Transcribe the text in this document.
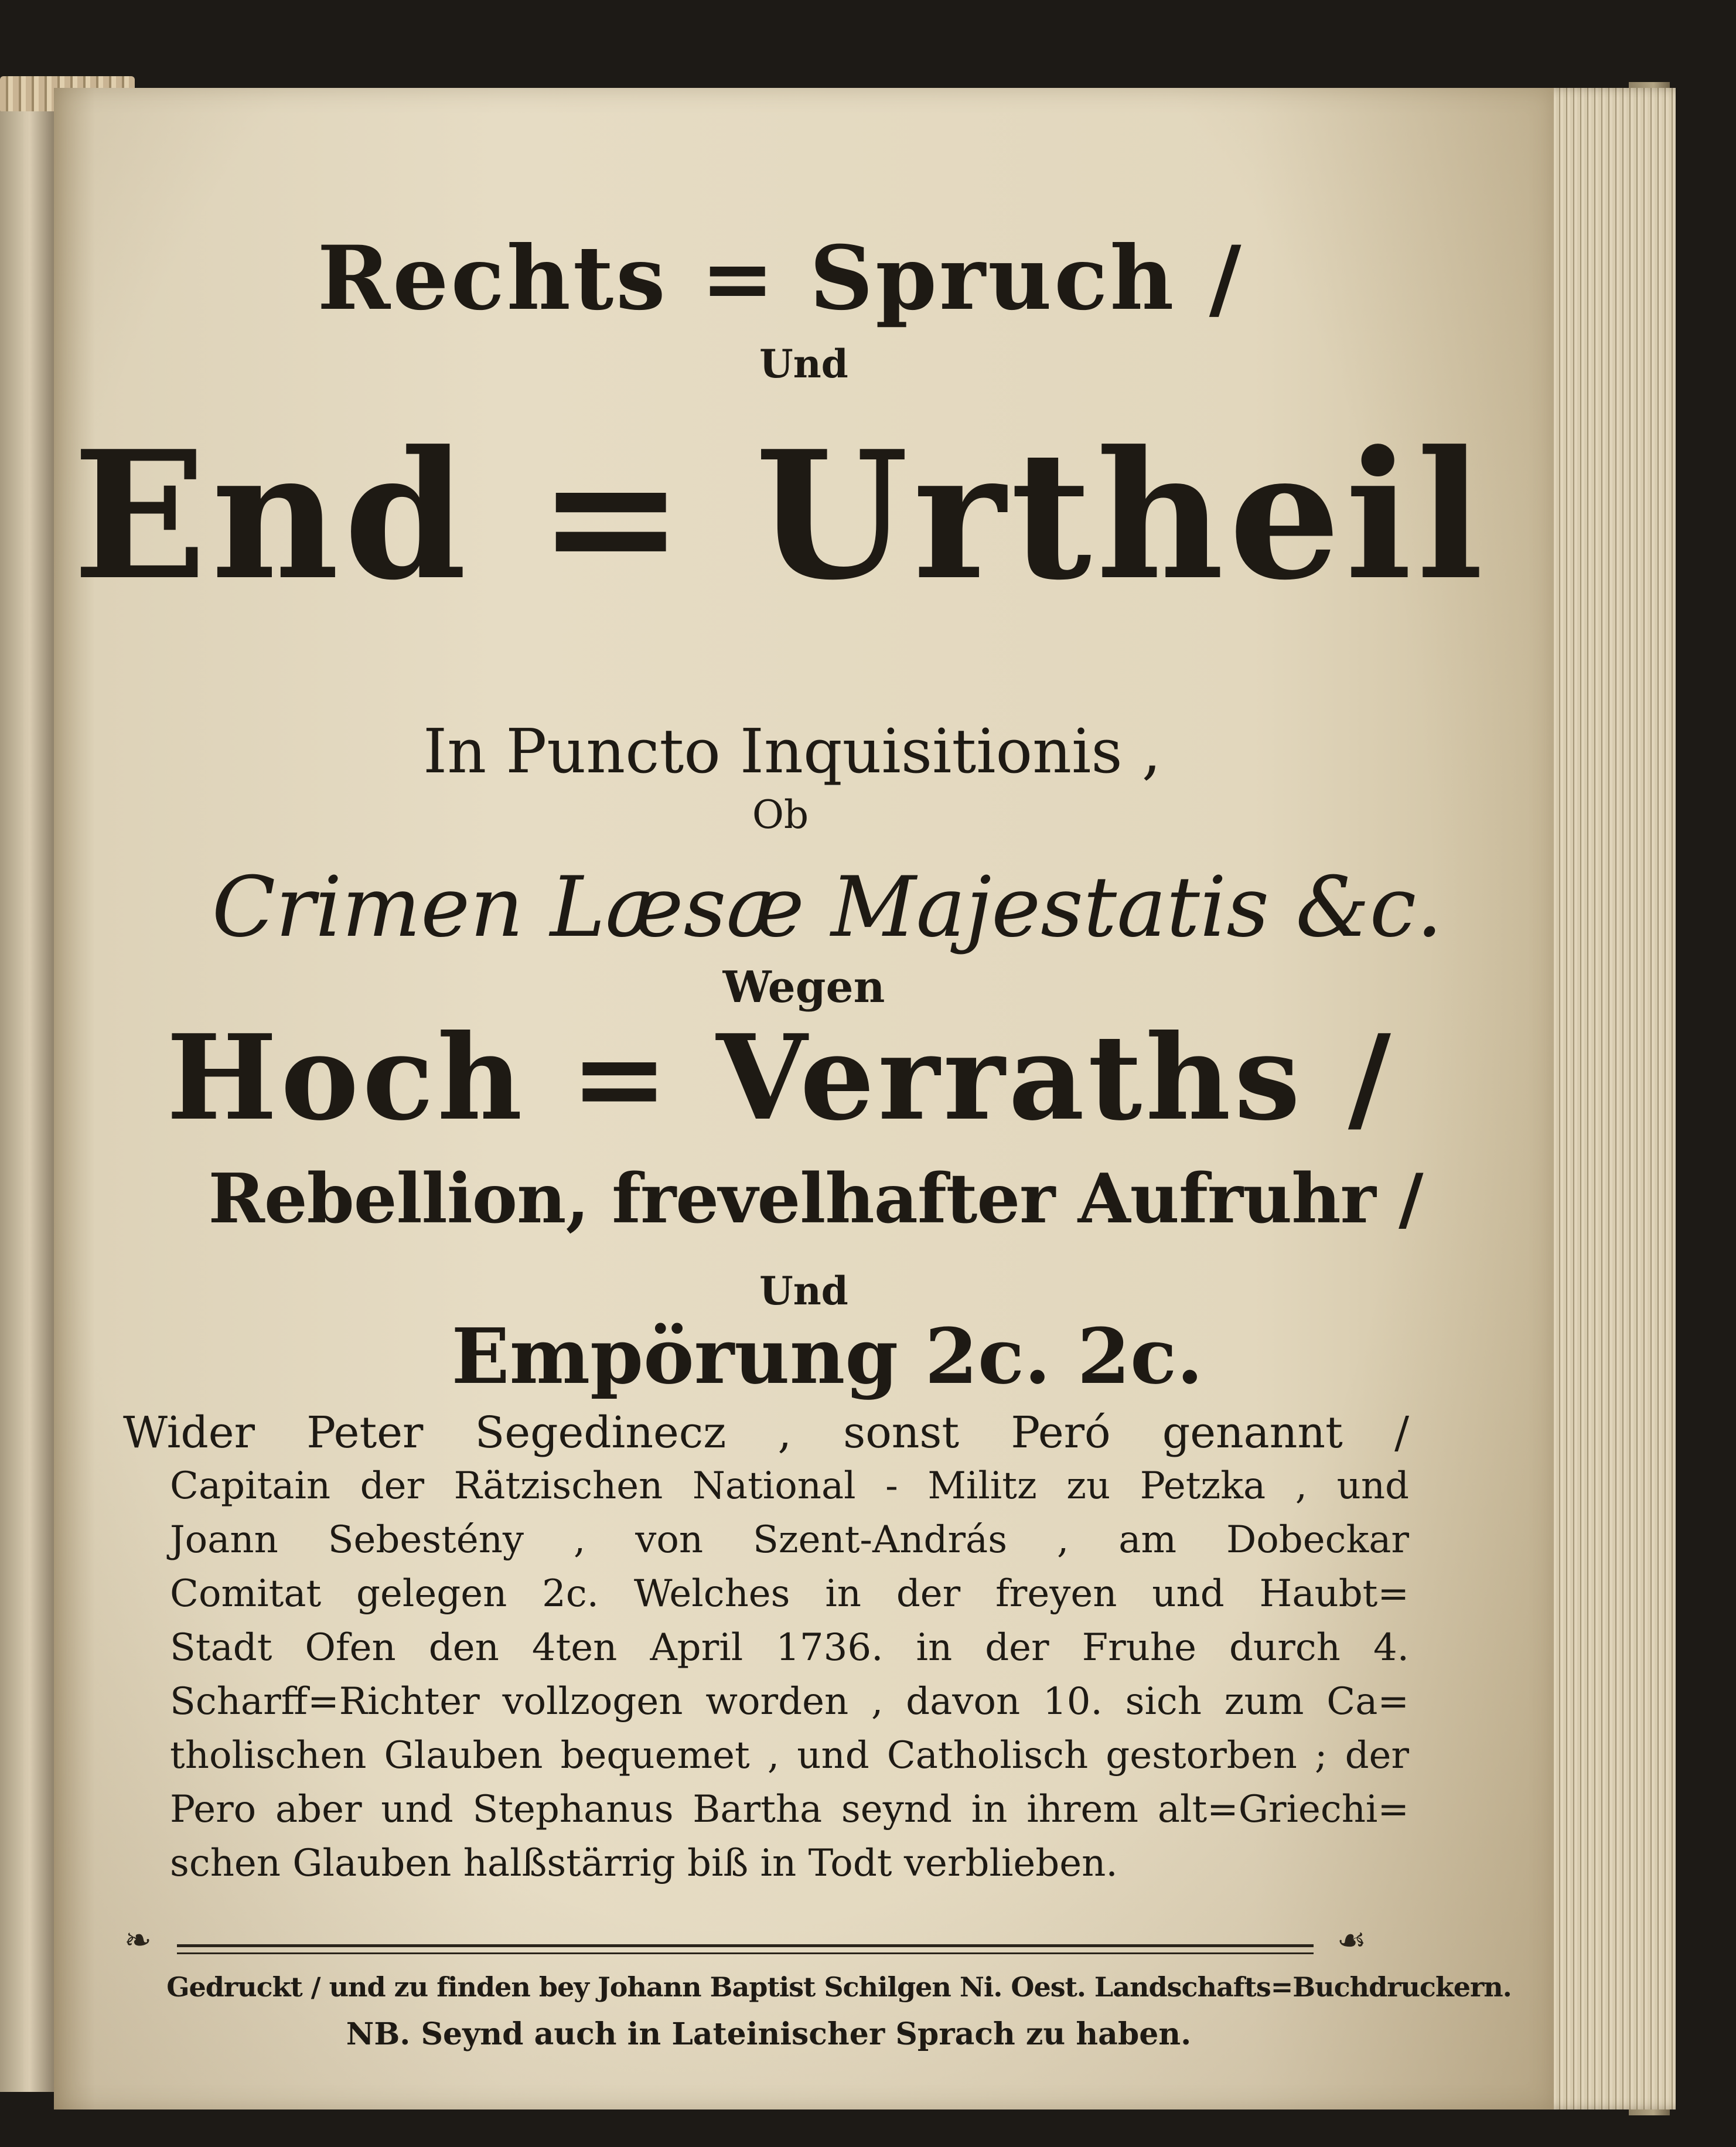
Rechts = Spruch /

Und

End = Urtheil

In Puncto Inquisitionis ,

Ob

Crimen Læsæ Majestatis &c.

Wegen

Hoch = Verraths /

Rebellion, frevelhafter Aufruhr /

Und

Empörung 2c. 2c.

Wider Peter Segedinecz , sonst Peró genannt /

Capitain der Rätzischen National - Militz zu Petzka , und

Joann Sebestény , von Szent-András , am Dobeckar

Comitat gelegen 2c. Welches in der freyen und Haubt=

Stadt Ofen den 4ten April 1736. in der Fruhe durch 4.

Scharff=Richter vollzogen worden , davon 10. sich zum Ca=

tholischen Glauben bequemet , und Catholisch gestorben ; der

Pero aber und Stephanus Bartha seynd in ihrem alt=Griechi=

schen Glauben halßstärrig biß in Todt verblieben.

❧	☙

Gedruckt / und zu finden bey Johann Baptist Schilgen Ni. Oest. Landschafts=Buchdruckern.

NB. Seynd auch in Lateinischer Sprach zu haben.
